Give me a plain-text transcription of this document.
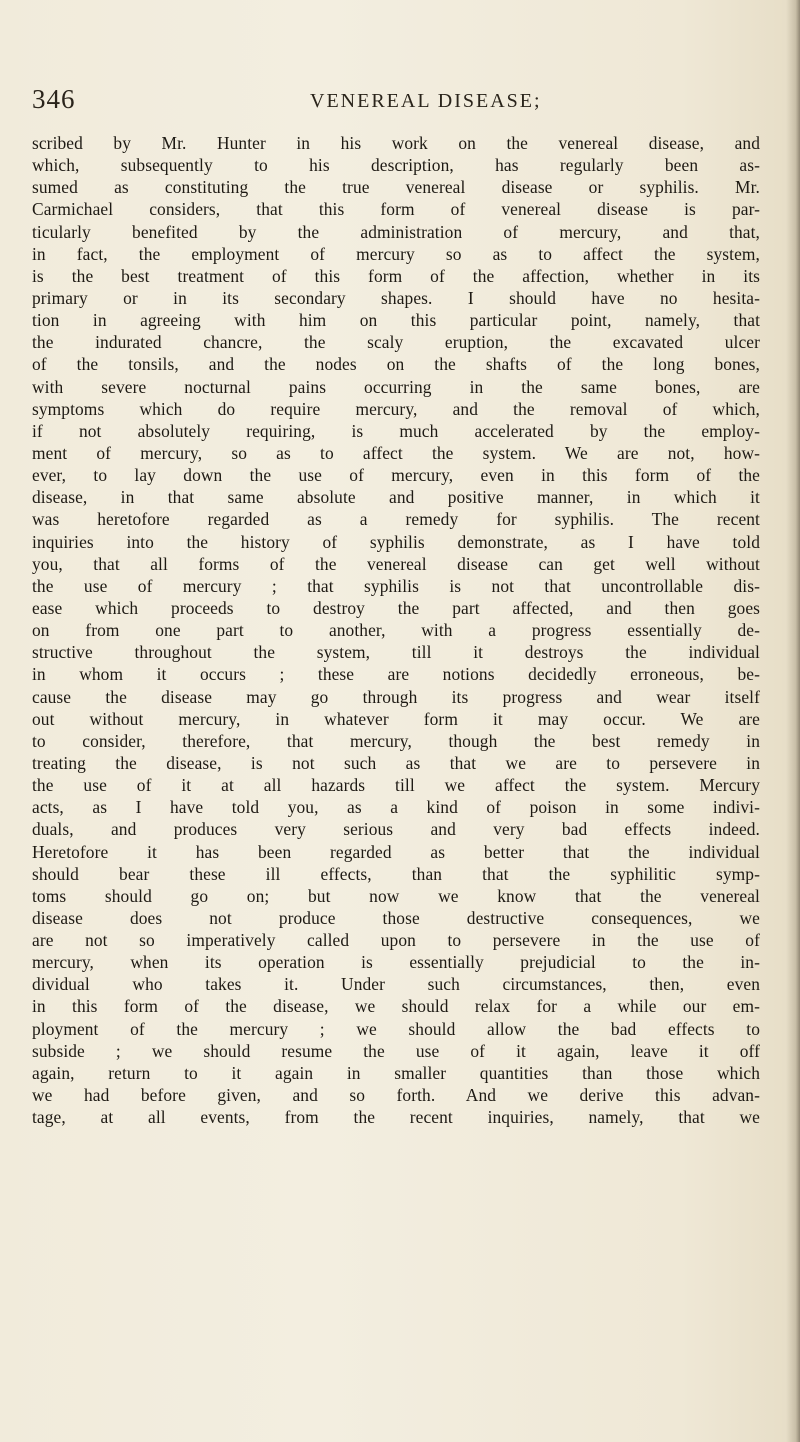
346	VENEREAL DISEASE;
scribed by Mr. Hunter in his work on the venereal disease, and
which, subsequently to his description, has regularly been as-
sumed as constituting the true venereal disease or syphilis. Mr.
Carmichael considers, that this form of venereal disease is par-
ticularly benefited by the administration of mercury, and that,
in fact, the employment of mercury so as to affect the system,
is the best treatment of this form of the affection, whether in its
primary or in its secondary shapes. I should have no hesita-
tion in agreeing with him on this particular point, namely, that
the indurated chancre, the scaly eruption, the excavated ulcer
of the tonsils, and the nodes on the shafts of the long bones,
with severe nocturnal pains occurring in the same bones, are
symptoms which do require mercury, and the removal of which,
if not absolutely requiring, is much accelerated by the employ-
ment of mercury, so as to affect the system. We are not, how-
ever, to lay down the use of mercury, even in this form of the
disease, in that same absolute and positive manner, in which it
was heretofore regarded as a remedy for syphilis. The recent
inquiries into the history of syphilis demonstrate, as I have told
you, that all forms of the venereal disease can get well without
the use of mercury ; that syphilis is not that uncontrollable dis-
ease which proceeds to destroy the part affected, and then goes
on from one part to another, with a progress essentially de-
structive throughout the system, till it destroys the individual
in whom it occurs ; these are notions decidedly erroneous, be-
cause the disease may go through its progress and wear itself
out without mercury, in whatever form it may occur. We are
to consider, therefore, that mercury, though the best remedy in
treating the disease, is not such as that we are to persevere in
the use of it at all hazards till we affect the system. Mercury
acts, as I have told you, as a kind of poison in some indivi-
duals, and produces very serious and very bad effects indeed.
Heretofore it has been regarded as better that the individual
should bear these ill effects, than that the syphilitic symp-
toms should go on; but now we know that the venereal
disease does not produce those destructive consequences, we
are not so imperatively called upon to persevere in the use of
mercury, when its operation is essentially prejudicial to the in-
dividual who takes it. Under such circumstances, then, even
in this form of the disease, we should relax for a while our em-
ployment of the mercury ; we should allow the bad effects to
subside ; we should resume the use of it again, leave it off
again, return to it again in smaller quantities than those which
we had before given, and so forth. And we derive this advan-
tage, at all events, from the recent inquiries, namely, that we
